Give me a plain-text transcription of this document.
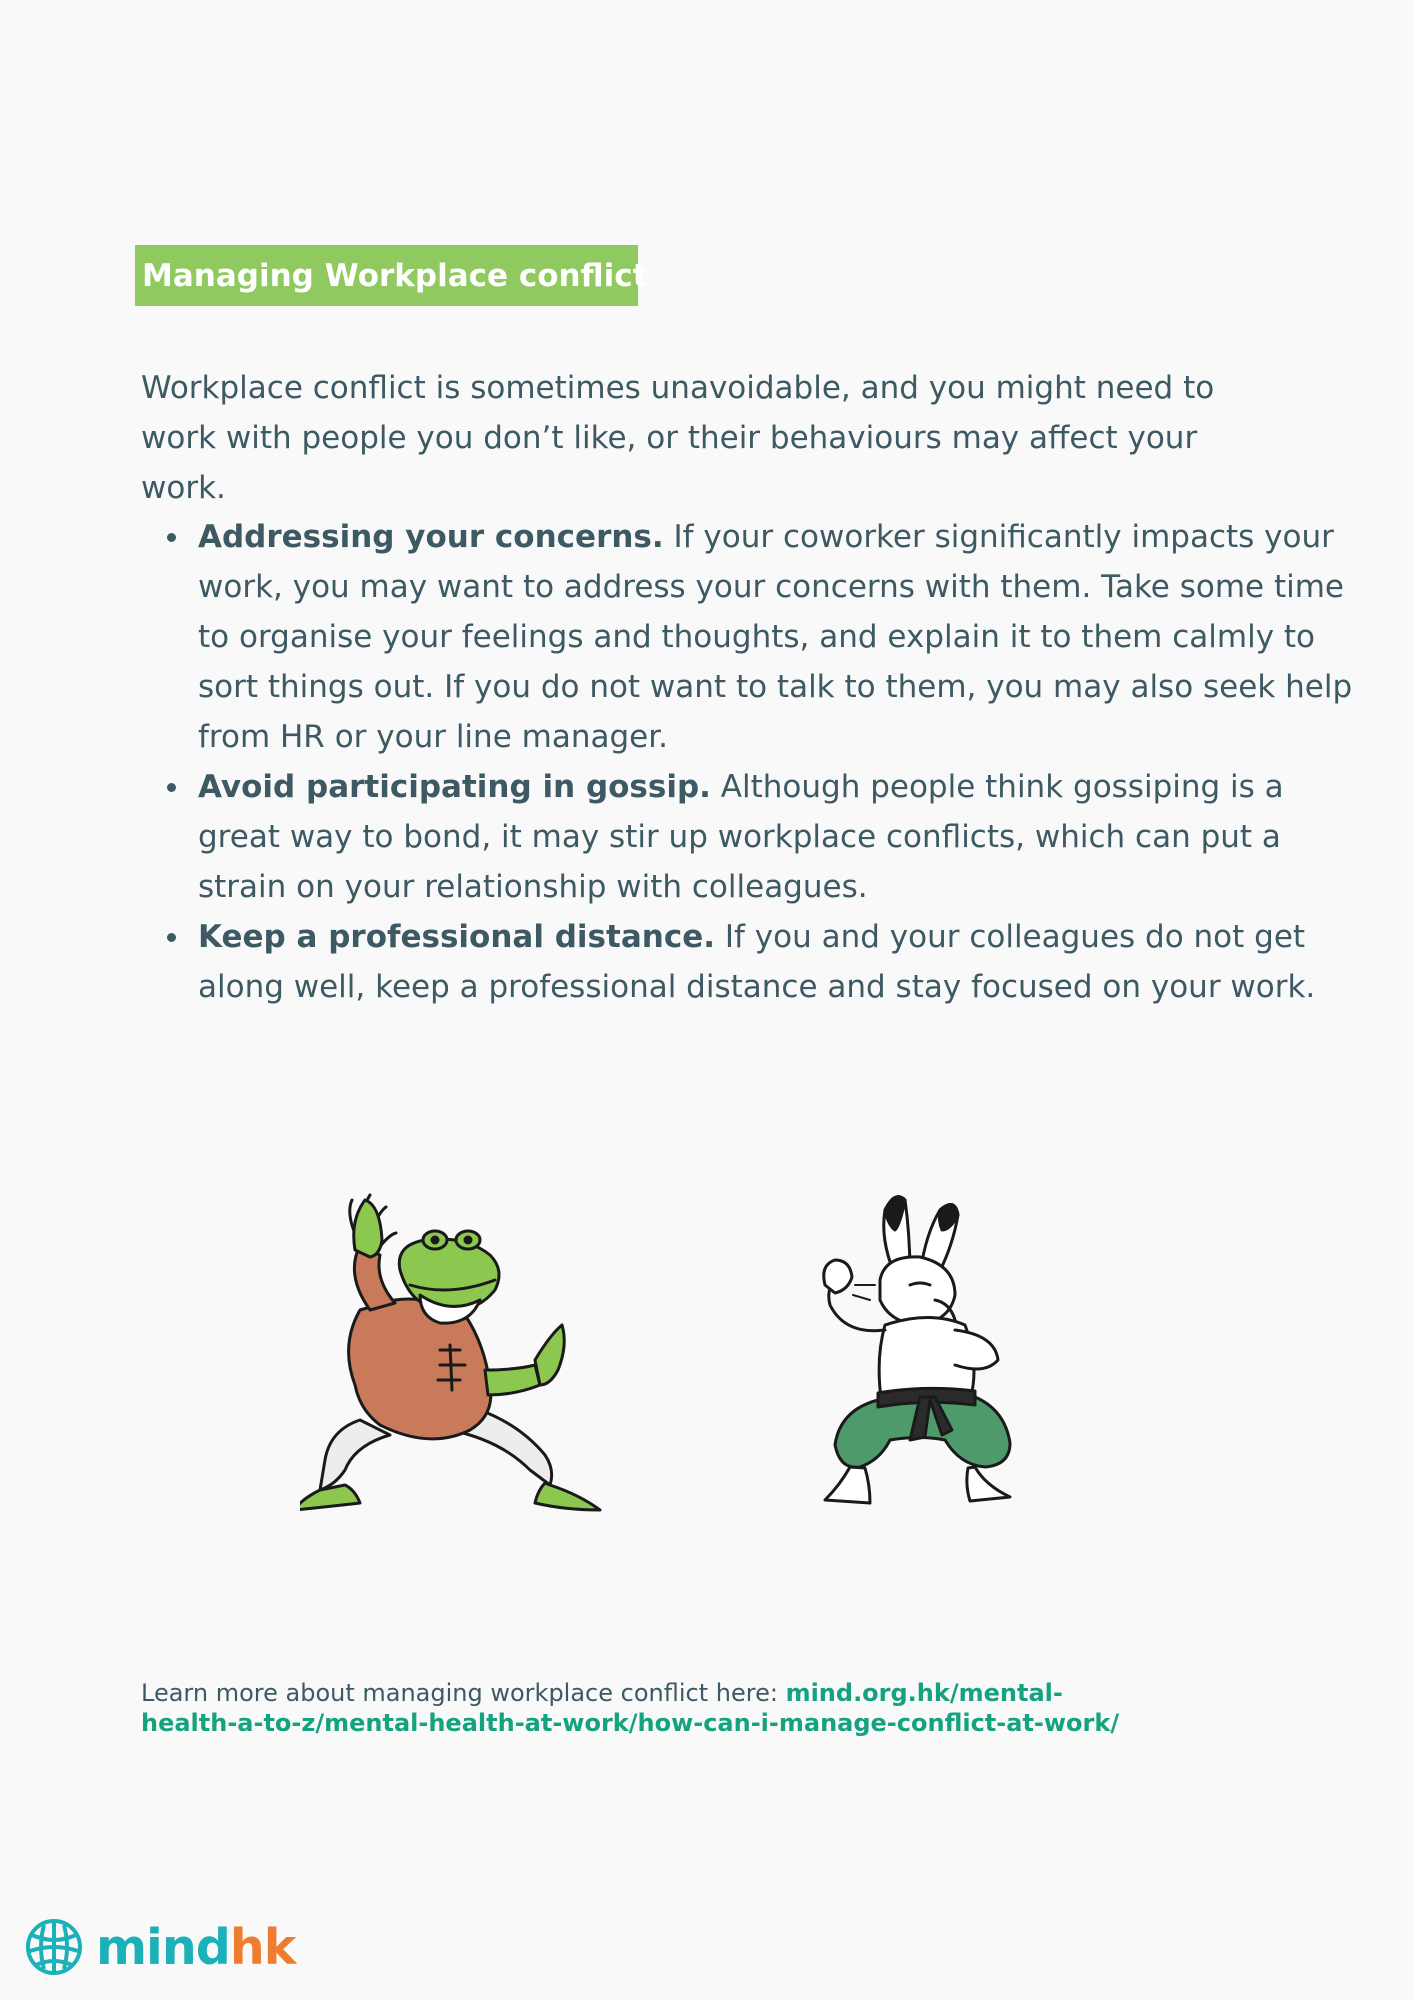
Managing Workplace conflict

Workplace conflict is sometimes unavoidable, and you might need to work with people you don’t like, or their behaviours may affect your work.

Addressing your concerns. If your coworker significantly impacts your work, you may want to address your concerns with them. Take some time to organise your feelings and thoughts, and explain it to them calmly to sort things out. If you do not want to talk to them, you may also seek help from HR or your line manager.
Avoid participating in gossip. Although people think gossiping is a great way to bond, it may stir up workplace conflicts, which can put a strain on your relationship with colleagues.
Keep a professional distance. If you and your colleagues do not get along well, keep a professional distance and stay focused on your work.
Learn more about managing workplace conflict here: mind.org.hk/mental-health-a-to-z/mental-health-at-work/how-can-i-manage-conflict-at-work/
mindhk
